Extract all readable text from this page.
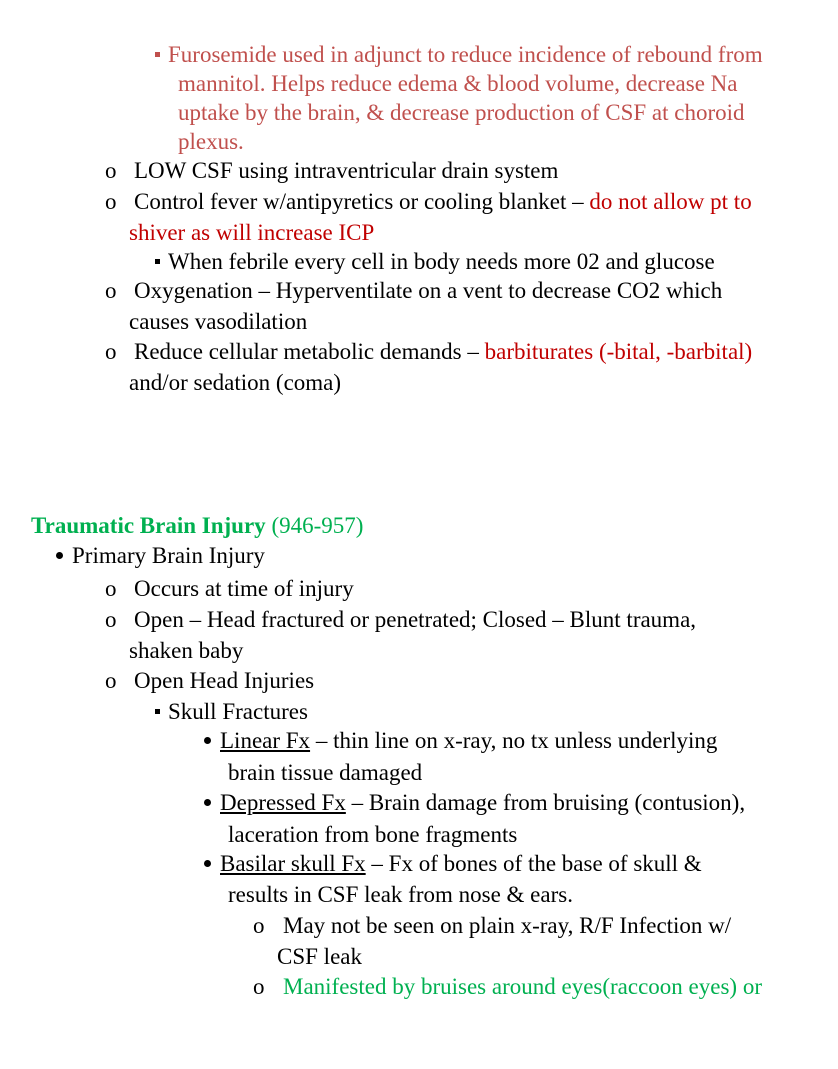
Furosemide used in adjunct to reduce incidence of rebound from
mannitol. Helps reduce edema & blood volume, decrease Na
uptake by the brain, & decrease production of CSF at choroid
plexus.
o LOW CSF using intraventricular drain system
o Control fever w/antipyretics or cooling blanket – do not allow pt to
shiver as will increase ICP
When febrile every cell in body needs more 02 and glucose
o Oxygenation – Hyperventilate on a vent to decrease CO2 which
causes vasodilation
o Reduce cellular metabolic demands – barbiturates (-bital, -barbital)
and/or sedation (coma)
Traumatic Brain Injury (946-957)
Primary Brain Injury
o Occurs at time of injury
o Open – Head fractured or penetrated; Closed – Blunt trauma,
shaken baby
o Open Head Injuries
Skull Fractures
Linear Fx – thin line on x-ray, no tx unless underlying
brain tissue damaged
Depressed Fx – Brain damage from bruising (contusion),
laceration from bone fragments
Basilar skull Fx – Fx of bones of the base of skull &
results in CSF leak from nose & ears.
o May not be seen on plain x-ray, R/F Infection w/
CSF leak
o Manifested by bruises around eyes(raccoon eyes) or
